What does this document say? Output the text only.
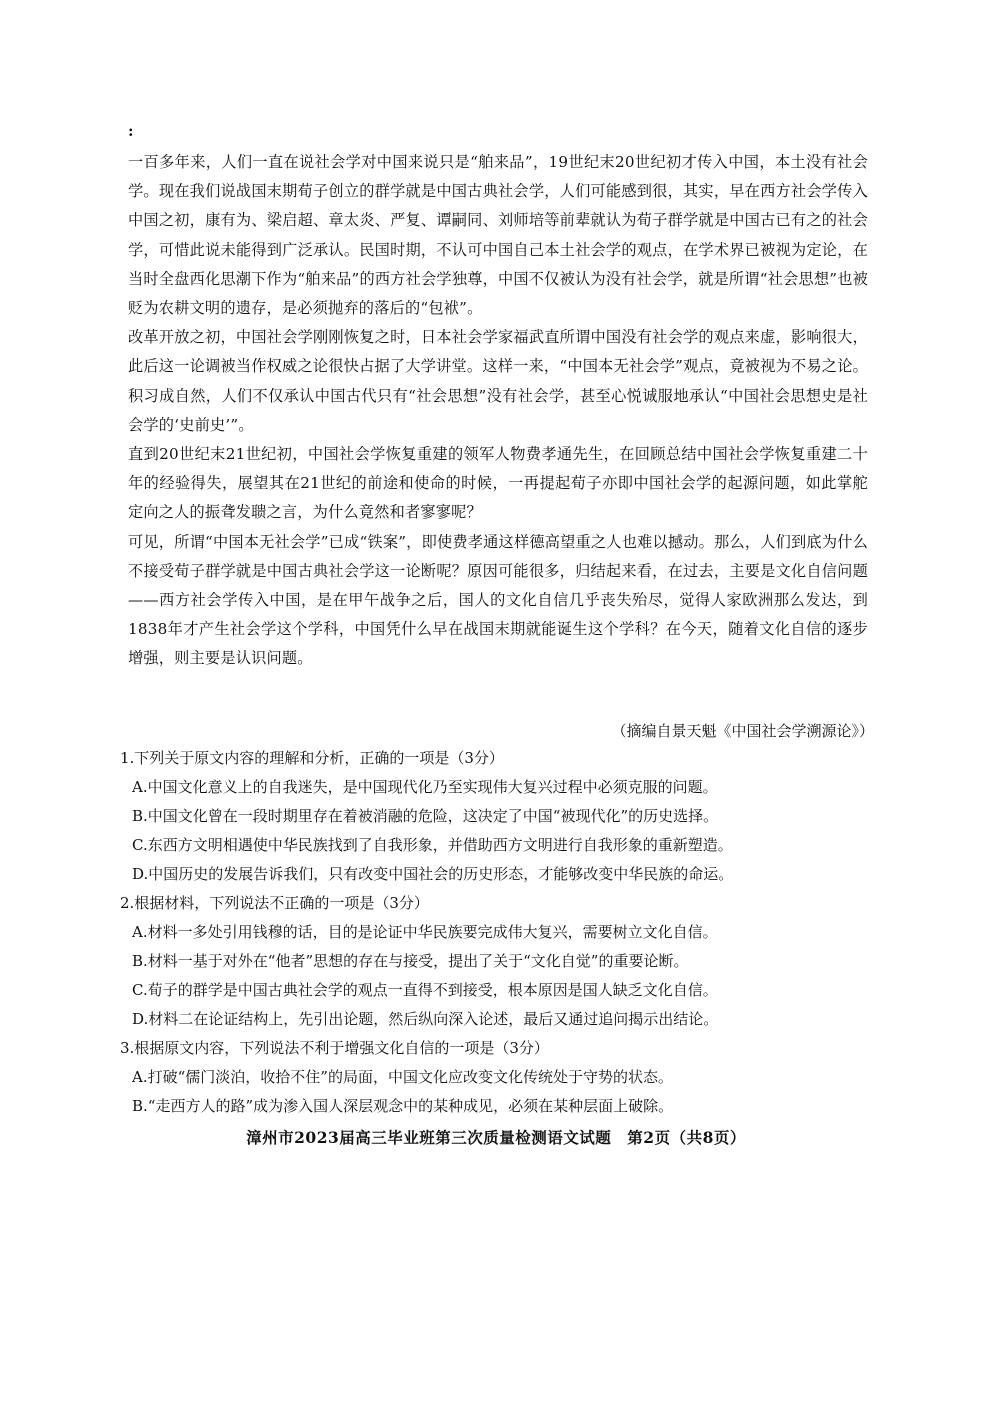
:

一百多年来，人们一直在说社会学对中国来说只是“舶来品”，19世纪末20世纪初才传入中国，本土没有社会学。现在我们说战国末期荀子创立的群学就是中国古典社会学，人们可能感到很，其实，早在西方社会学传入中国之初，康有为、梁启超、章太炎、严复、谭嗣同、刘师培等前辈就认为荀子群学就是中国古已有之的社会学，可惜此说未能得到广泛承认。民国时期，不认可中国自己本土社会学的观点，在学术界已被视为定论，在当时全盘西化思潮下作为“舶来品”的西方社会学独尊，中国不仅被认为没有社会学，就是所谓“社会思想”也被贬为农耕文明的遗存，是必须抛弃的落后的“包袱”。

改革开放之初，中国社会学刚刚恢复之时，日本社会学家福武直所谓中国没有社会学的观点来虚，影响很大，此后这一论调被当作权威之论很快占据了大学讲堂。这样一来，“中国本无社会学”观点，竟被视为不易之论。积习成自然，人们不仅承认中国古代只有“社会思想”没有社会学，甚至心悦诚服地承认“中国社会思想史是社会学的‘史前史’”。

直到20世纪末21世纪初，中国社会学恢复重建的领军人物费孝通先生，在回顾总结中国社会学恢复重建二十年的经验得失，展望其在21世纪的前途和使命的时候，一再提起荀子亦即中国社会学的起源问题，如此掌舵定向之人的振聋发聩之言，为什么竟然和者寥寥呢？

可见，所谓“中国本无社会学”已成“铁案”，即使费孝通这样德高望重之人也难以撼动。那么，人们到底为什么不接受荀子群学就是中国古典社会学这一论断呢？原因可能很多，归结起来看，在过去，主要是文化自信问题——西方社会学传入中国，是在甲午战争之后，国人的文化自信几乎丧失殆尽，觉得人家欧洲那么发达，到1838年才产生社会学这个学科，中国凭什么早在战国末期就能诞生这个学科？在今天，随着文化自信的逐步增强，则主要是认识问题。

（摘编自景天魁《中国社会学溯源论》）

1.下列关于原文内容的理解和分析，正确的一项是（3分）

A.中国文化意义上的自我迷失，是中国现代化乃至实现伟大复兴过程中必须克服的问题。

B.中国文化曾在一段时期里存在着被消融的危险，这决定了中国“被现代化”的历史选择。

C.东西方文明相遇使中华民族找到了自我形象，并借助西方文明进行自我形象的重新塑造。

D.中国历史的发展告诉我们，只有改变中国社会的历史形态，才能够改变中华民族的命运。

2.根据材料，下列说法不正确的一项是（3分）

A.材料一多处引用钱穆的话，目的是论证中华民族要完成伟大复兴，需要树立文化自信。

B.材料一基于对外在“他者”思想的存在与接受，提出了关于“文化自觉”的重要论断。

C.荀子的群学是中国古典社会学的观点一直得不到接受，根本原因是国人缺乏文化自信。

D.材料二在论证结构上，先引出论题，然后纵向深入论述，最后又通过追问揭示出结论。

3.根据原文内容，下列说法不利于增强文化自信的一项是（3分）

A.打破“儒门淡泊，收拾不住”的局面，中国文化应改变文化传统处于守势的状态。

B.“走西方人的路”成为渗入国人深层观念中的某种成见，必须在某种层面上破除。

漳州市2023届高三毕业班第三次质量检测语文试题　第2页（共8页）
